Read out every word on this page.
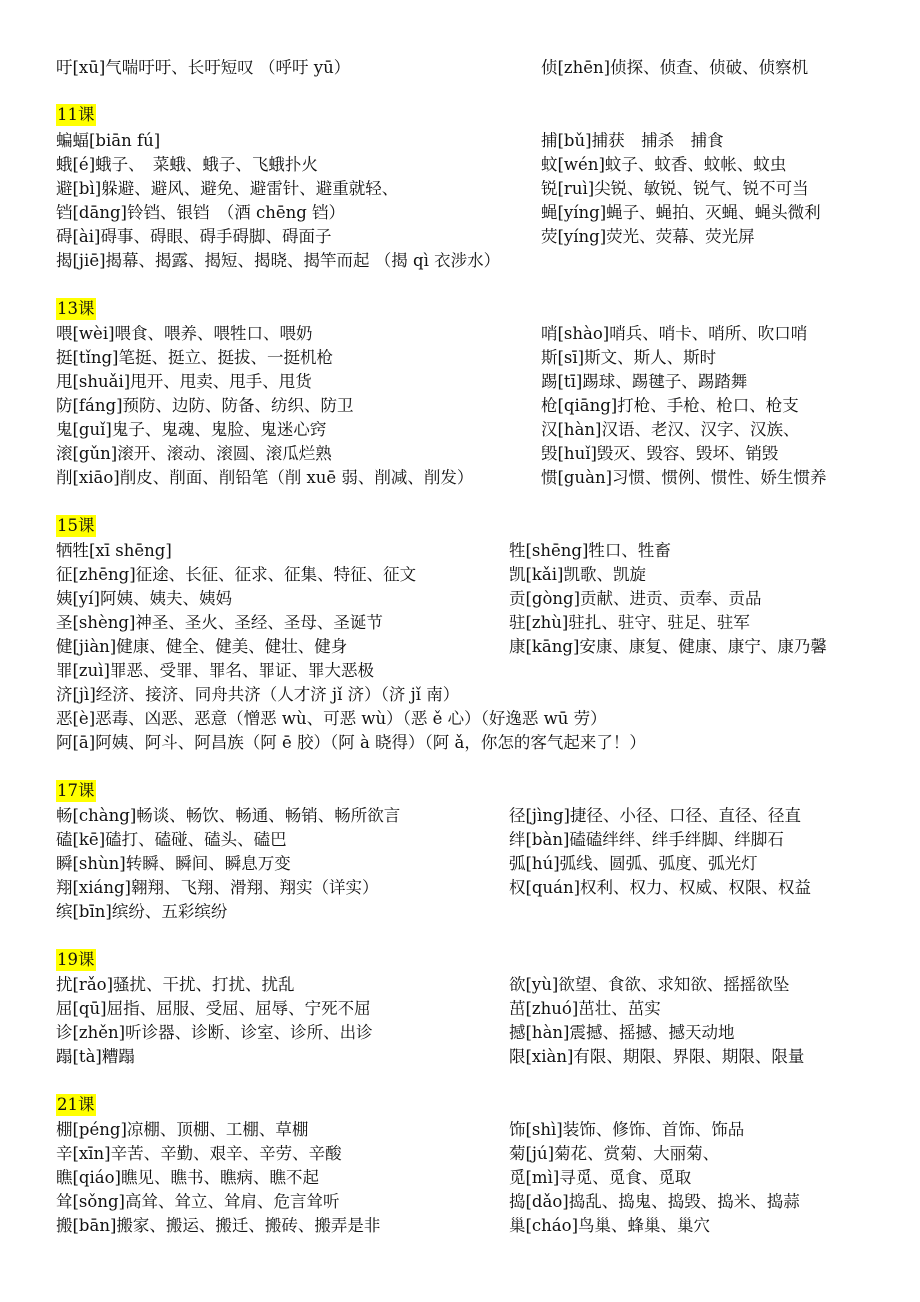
吁[xū]气喘吁吁、长吁短叹 （呼吁 yū）	侦[zhēn]侦探、侦查、侦破、侦察机
11课
蝙蝠[biān fú]	捕[bǔ]捕获　捕杀　捕食
蛾[é]蛾子、　菜蛾、蛾子、飞蛾扑火	蚊[wén]蚊子、蚊香、蚊帐、蚊虫
避[bì]躲避、避风、避免、避雷针、避重就轻、	锐[ruì]尖锐、敏锐、锐气、锐不可当
铛[dāng]铃铛、银铛　（酒 chēng 铛）	蝇[yíng]蝇子、蝇拍、灭蝇、蝇头微利
碍[ài]碍事、碍眼、碍手碍脚、碍面子	荧[yíng]荧光、荧幕、荧光屏
揭[jiē]揭幕、揭露、揭短、揭晓、揭竿而起 （揭 qì 衣涉水）
13课
喂[wèi]喂食、喂养、喂牲口、喂奶	哨[shào]哨兵、哨卡、哨所、吹口哨
挺[tǐng]笔挺、挺立、挺拔、一挺机枪	斯[sī]斯文、斯人、斯时
甩[shuǎi]甩开、甩卖、甩手、甩货	踢[tī]踢球、踢毽子、踢踏舞
防[fáng]预防、边防、防备、纺织、防卫	枪[qiāng]打枪、手枪、枪口、枪支
鬼[guǐ]鬼子、鬼魂、鬼脸、鬼迷心窍	汉[hàn]汉语、老汉、汉字、汉族、
滚[gǔn]滚开、滚动、滚圆、滚瓜烂熟	毁[huǐ]毁灭、毁容、毁坏、销毁
削[xiāo]削皮、削面、削铅笔（削 xuē 弱、削减、削发）	惯[guàn]习惯、惯例、惯性、娇生惯养
15课
牺牲[xī shēng]	牲[shēng]牲口、牲畜
征[zhēng]征途、长征、征求、征集、特征、征文	凯[kǎi]凯歌、凯旋
姨[yí]阿姨、姨夫、姨妈	贡[gòng]贡献、进贡、贡奉、贡品
圣[shèng]神圣、圣火、圣经、圣母、圣诞节	驻[zhù]驻扎、驻守、驻足、驻军
健[jiàn]健康、健全、健美、健壮、健身	康[kāng]安康、康复、健康、康宁、康乃馨
罪[zuì]罪恶、受罪、罪名、罪证、罪大恶极
济[jì]经济、接济、同舟共济（人才济 jǐ 济）（济 jǐ 南）
恶[è]恶毒、凶恶、恶意（憎恶 wù、可恶 wù）（恶 ě 心）（好逸恶 wū 劳）
阿[ā]阿姨、阿斗、阿昌族（阿 ē 胶）（阿 à 晓得）（阿 ǎ，你怎的客气起来了！）
17课
畅[chàng]畅谈、畅饮、畅通、畅销、畅所欲言	径[jìng]捷径、小径、口径、直径、径直
磕[kē]磕打、磕碰、磕头、磕巴	绊[bàn]磕磕绊绊、绊手绊脚、绊脚石
瞬[shùn]转瞬、瞬间、瞬息万变	弧[hú]弧线、圆弧、弧度、弧光灯
翔[xiáng]翱翔、飞翔、滑翔、翔实（详实）	权[quán]权利、权力、权威、权限、权益
缤[bīn]缤纷、五彩缤纷
19课
扰[rǎo]骚扰、干扰、打扰、扰乱	欲[yù]欲望、食欲、求知欲、摇摇欲坠
屈[qū]屈指、屈服、受屈、屈辱、宁死不屈	茁[zhuó]茁壮、茁实
诊[zhěn]听诊器、诊断、诊室、诊所、出诊	撼[hàn]震撼、摇撼、撼天动地
蹋[tà]糟蹋	限[xiàn]有限、期限、界限、期限、限量
21课
棚[péng]凉棚、顶棚、工棚、草棚	饰[shì]装饰、修饰、首饰、饰品
辛[xīn]辛苦、辛勤、艰辛、辛劳、辛酸	菊[jú]菊花、赏菊、大丽菊、
瞧[qiáo]瞧见、瞧书、瞧病、瞧不起	觅[mì]寻觅、觅食、觅取
耸[sǒng]高耸、耸立、耸肩、危言耸听	捣[dǎo]捣乱、捣鬼、捣毁、捣米、捣蒜
搬[bān]搬家、搬运、搬迁、搬砖、搬弄是非	巢[cháo]鸟巢、蜂巢、巢穴
